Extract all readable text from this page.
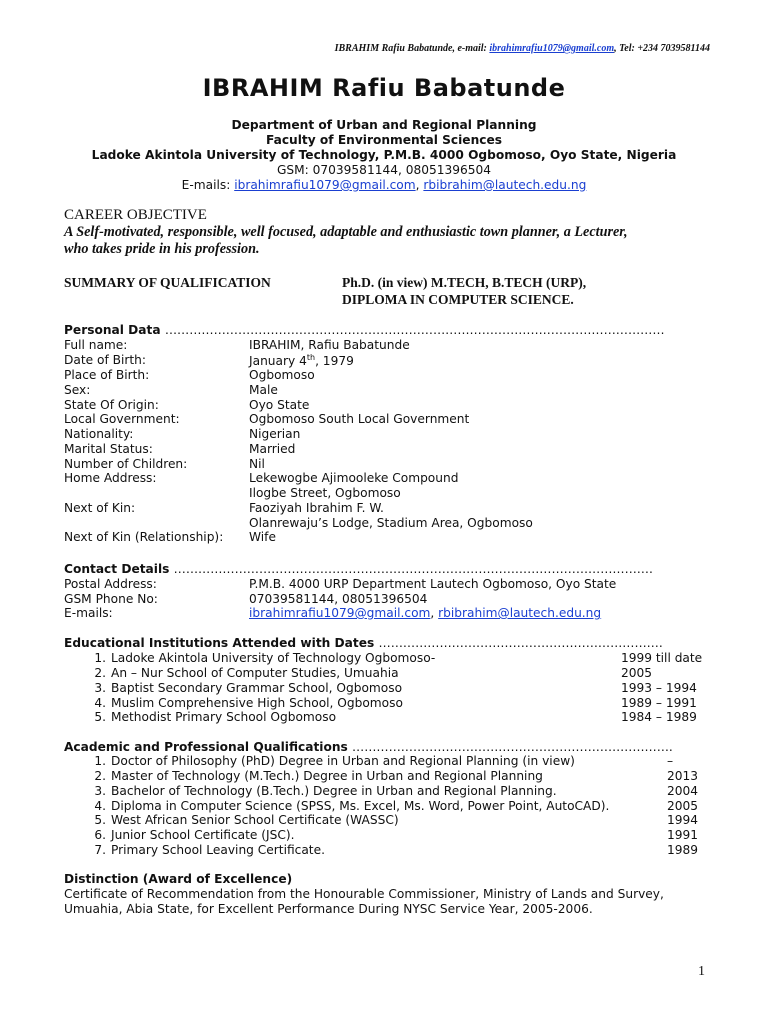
IBRAHIM Rafiu Babatunde, e-mail: ibrahimrafiu1079@gmail.com, Tel: +234 7039581144
IBRAHIM Rafiu Babatunde
Department of Urban and Regional Planning
Faculty of Environmental Sciences
Ladoke Akintola University of Technology, P.M.B. 4000 Ogbomoso, Oyo State, Nigeria
GSM: 07039581144, 08051396504
E-mails: ibrahimrafiu1079@gmail.com, rbibrahim@lautech.edu.ng
CAREER OBJECTIVE
A Self-motivated, responsible, well focused, adaptable and enthusiastic town planner, a Lecturer,
who takes pride in his profession.
SUMMARY OF QUALIFICATION	Ph.D. (in view) M.TECH, B.TECH (URP),
DIPLOMA IN COMPUTER SCIENCE.
Personal Data ……………………………………………………………………………………………………………
Full name:	IBRAHIM, Rafiu Babatunde
Date of Birth:	January 4th, 1979
Place of Birth:	Ogbomoso
Sex:	Male
State Of Origin:	Oyo State
Local Government:	Ogbomoso South Local Government
Nationality:	Nigerian
Marital Status:	Married
Number of Children:	Nil
Home Address:	Lekewogbe Ajimooleke Compound
Ilogbe Street, Ogbomoso
Next of Kin:	Faoziyah Ibrahim F. W.
Olanrewaju’s Lodge, Stadium Area, Ogbomoso
Next of Kin (Relationship): Wife
Contact Details ……………………………………………………………………………………………………….
Postal Address:	P.M.B. 4000 URP Department Lautech Ogbomoso, Oyo State
GSM Phone No:	07039581144, 08051396504
E-mails:	ibrahimrafiu1079@gmail.com, rbibrahim@lautech.edu.ng
Educational Institutions Attended with Dates …………………………………………………………….
1. Ladoke Akintola University of Technology Ogbomoso-	1999 till date
2. An – Nur School of Computer Studies, Umuahia	2005
3. Baptist Secondary Grammar School, Ogbomoso	1993 – 1994
4. Muslim Comprehensive High School, Ogbomoso	1989 – 1991
5. Methodist Primary School Ogbomoso	1984 – 1989
Academic and Professional Qualifications …………………………………………………………………….
1. Doctor of Philosophy (PhD) Degree in Urban and Regional Planning (in view)	–
2. Master of Technology (M.Tech.) Degree in Urban and Regional Planning	2013
3. Bachelor of Technology (B.Tech.) Degree in Urban and Regional Planning.	2004
4. Diploma in Computer Science (SPSS, Ms. Excel, Ms. Word, Power Point, AutoCAD).	2005
5. West African Senior School Certificate (WASSC)	1994
6. Junior School Certificate (JSC).	1991
7. Primary School Leaving Certificate.	1989
Distinction (Award of Excellence)
Certificate of Recommendation from the Honourable Commissioner, Ministry of Lands and Survey,
Umuahia, Abia State, for Excellent Performance During NYSC Service Year, 2005-2006.
1
